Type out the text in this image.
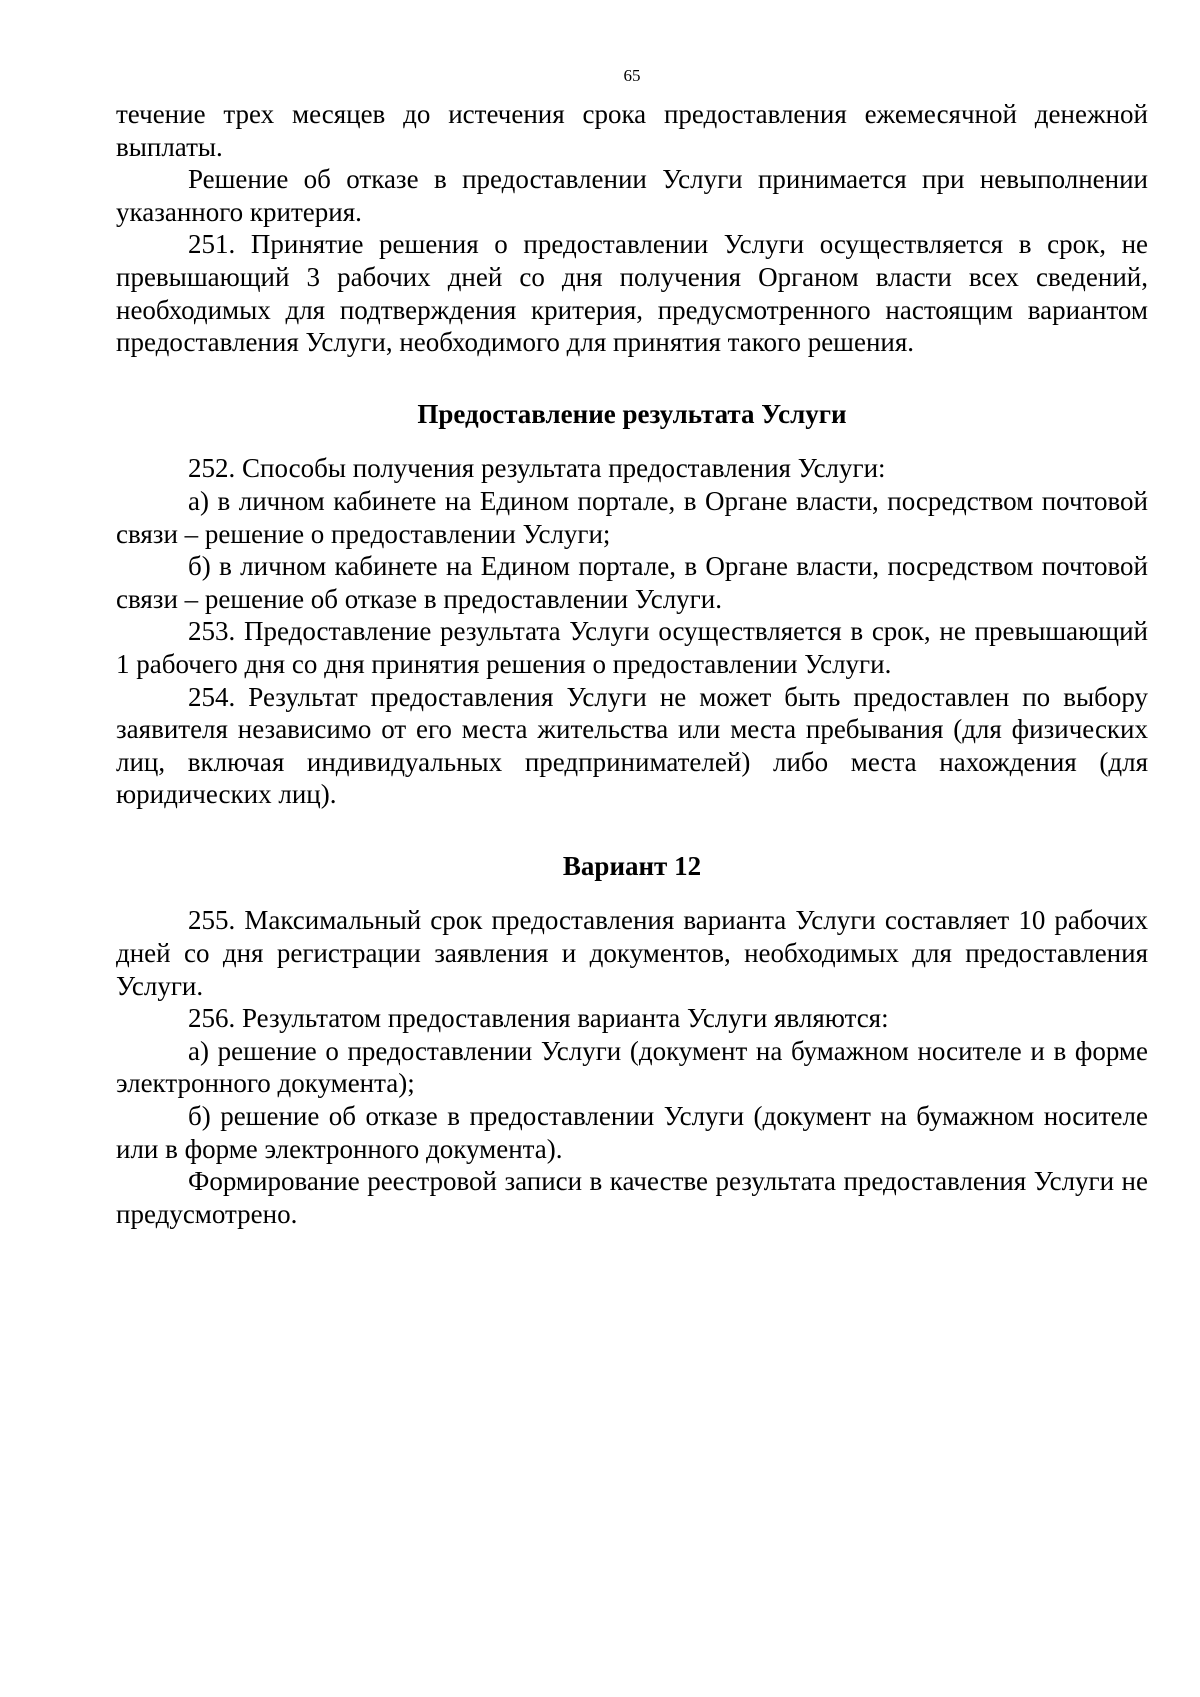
65

течение трех месяцев до истечения срока предоставления ежемесячной денежной выплаты.

Решение об отказе в предоставлении Услуги принимается при невыполнении указанного критерия.

251. Принятие решения о предоставлении Услуги осуществляется в срок, не превышающий 3 рабочих дней со дня получения Органом власти всех сведений, необходимых для подтверждения критерия, предусмотренного настоящим вариантом предоставления Услуги, необходимого для принятия такого решения.

Предоставление результата Услуги

252. Способы получения результата предоставления Услуги:

а) в личном кабинете на Едином портале, в Органе власти, посредством почтовой связи – решение о предоставлении Услуги;

б) в личном кабинете на Едином портале, в Органе власти, посредством почтовой связи – решение об отказе в предоставлении Услуги.

253. Предоставление результата Услуги осуществляется в срок, не превышающий 1 рабочего дня со дня принятия решения о предоставлении Услуги.

254. Результат предоставления Услуги не может быть предоставлен по выбору заявителя независимо от его места жительства или места пребывания (для физических лиц, включая индивидуальных предпринимателей) либо места нахождения (для юридических лиц).

Вариант 12

255. Максимальный срок предоставления варианта Услуги составляет 10 рабочих дней со дня регистрации заявления и документов, необходимых для предоставления Услуги.

256. Результатом предоставления варианта Услуги являются:

а) решение о предоставлении Услуги (документ на бумажном носителе и в форме электронного документа);

б) решение об отказе в предоставлении Услуги (документ на бумажном носителе или в форме электронного документа).

Формирование реестровой записи в качестве результата предоставления Услуги не предусмотрено.
